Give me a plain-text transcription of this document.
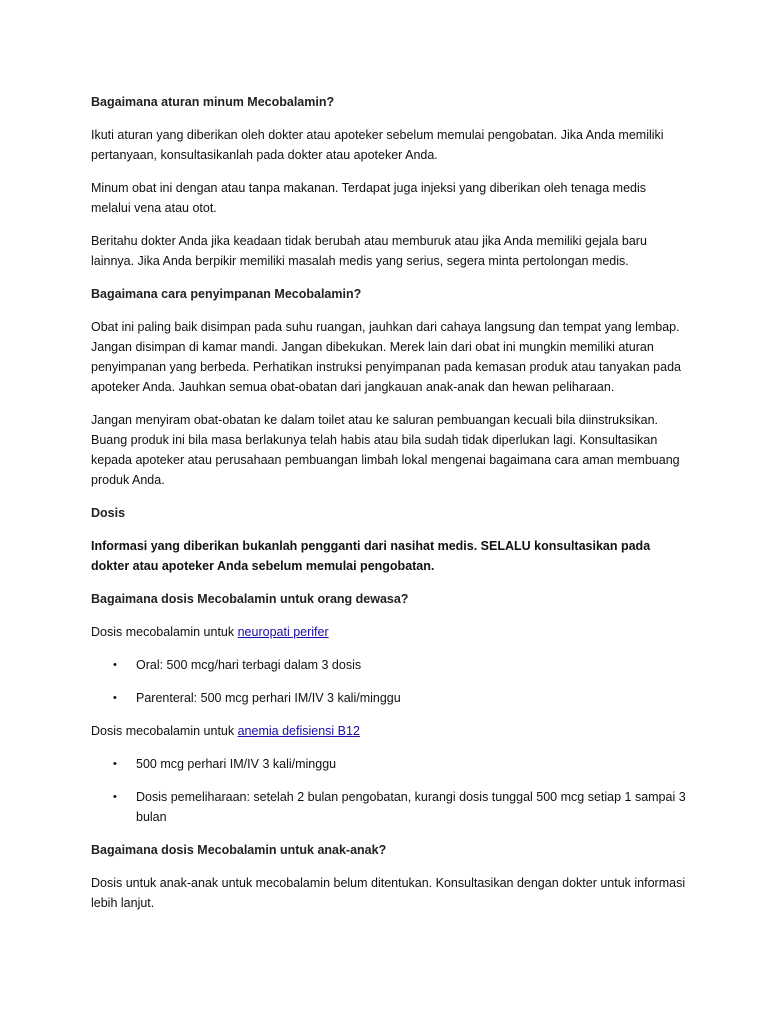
Bagaimana aturan minum Mecobalamin?

Ikuti aturan yang diberikan oleh dokter atau apoteker sebelum memulai pengobatan. Jika Anda memiliki pertanyaan, konsultasikanlah pada dokter atau apoteker Anda.

Minum obat ini dengan atau tanpa makanan. Terdapat juga injeksi yang diberikan oleh tenaga medis melalui vena atau otot.

Beritahu dokter Anda jika keadaan tidak berubah atau memburuk atau jika Anda memiliki gejala baru lainnya. Jika Anda berpikir memiliki masalah medis yang serius, segera minta pertolongan medis.

Bagaimana cara penyimpanan Mecobalamin?

Obat ini paling baik disimpan pada suhu ruangan, jauhkan dari cahaya langsung dan tempat yang lembap. Jangan disimpan di kamar mandi. Jangan dibekukan. Merek lain dari obat ini mungkin memiliki aturan penyimpanan yang berbeda. Perhatikan instruksi penyimpanan pada kemasan produk atau tanyakan pada apoteker Anda. Jauhkan semua obat-obatan dari jangkauan anak-anak dan hewan peliharaan.

Jangan menyiram obat-obatan ke dalam toilet atau ke saluran pembuangan kecuali bila diinstruksikan. Buang produk ini bila masa berlakunya telah habis atau bila sudah tidak diperlukan lagi. Konsultasikan kepada apoteker atau perusahaan pembuangan limbah lokal mengenai bagaimana cara aman membuang produk Anda.

Dosis

Informasi yang diberikan bukanlah pengganti dari nasihat medis. SELALU konsultasikan pada dokter atau apoteker Anda sebelum memulai pengobatan.

Bagaimana dosis Mecobalamin untuk orang dewasa?

Dosis mecobalamin untuk neuropati perifer

• Oral: 500 mcg/hari terbagi dalam 3 dosis
• Parenteral: 500 mcg perhari IM/IV 3 kali/minggu

Dosis mecobalamin untuk anemia defisiensi B12

• 500 mcg perhari IM/IV 3 kali/minggu
• Dosis pemeliharaan: setelah 2 bulan pengobatan, kurangi dosis tunggal 500 mcg setiap 1 sampai 3 bulan

Bagaimana dosis Mecobalamin untuk anak-anak?

Dosis untuk anak-anak untuk mecobalamin belum ditentukan. Konsultasikan dengan dokter untuk informasi lebih lanjut.
